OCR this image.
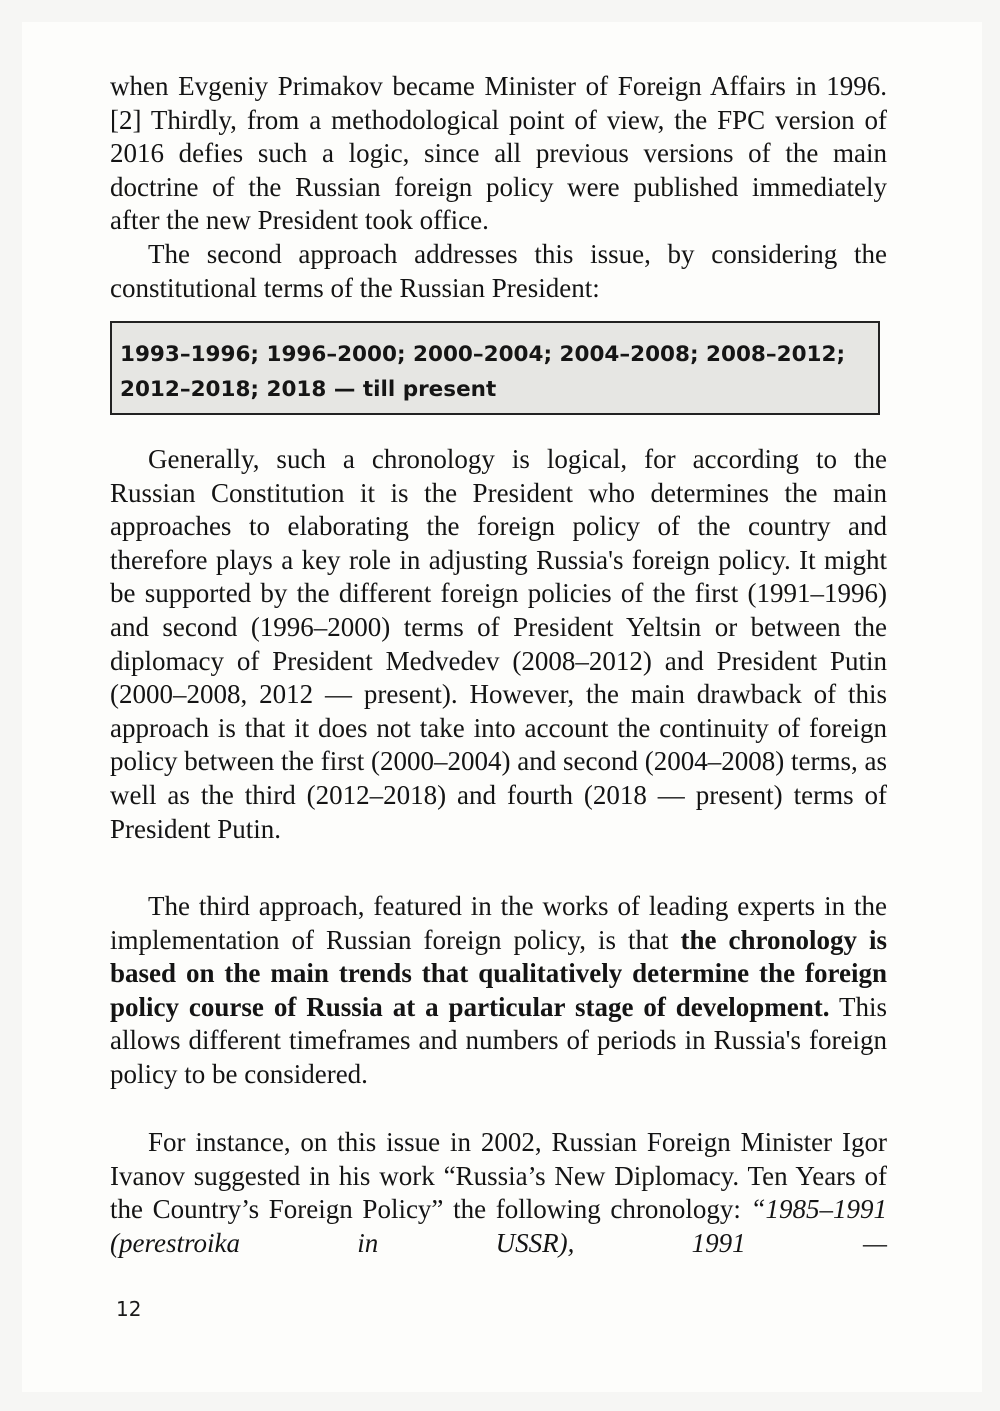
when Evgeniy Primakov became Minister of Foreign Affairs in 1996. [2] Thirdly, from a methodological point of view, the FPC version of 2016 defies such a logic, since all previous versions of the main doctrine of the Russian foreign policy were published immediately after the new President took office.

The second approach addresses this issue, by considering the constitutional terms of the Russian President:

1993–1996; 1996–2000; 2000–2004; 2004–2008; 2008–2012;
2012–2018; 2018 — till present

Generally, such a chronology is logical, for according to the Russian Constitution it is the President who determines the main approaches to elaborating the foreign policy of the country and therefore plays a key role in adjusting Russia's foreign policy. It might be supported by the different foreign policies of the first (1991–1996) and second (1996–2000) terms of President Yeltsin or between the diplomacy of President Medvedev (2008–2012) and President Putin (2000–2008, 2012 — present). However, the main drawback of this approach is that it does not take into account the continuity of foreign policy between the first (2000–2004) and second (2004–2008) terms, as well as the third (2012–2018) and fourth (2018 — present) terms of President Putin.

The third approach, featured in the works of leading experts in the implementation of Russian foreign policy, is that the chronology is based on the main trends that qualitatively determine the foreign policy course of Russia at a particular stage of development. This allows different timeframes and numbers of periods in Russia's foreign policy to be considered.

For instance, on this issue in 2002, Russian Foreign Minister Igor Ivanov suggested in his work “Russia’s New Diplomacy. Ten Years of the Country’s Foreign Policy” the following chronology: “1985–1991 (perestroika in USSR), 1991 —

12
